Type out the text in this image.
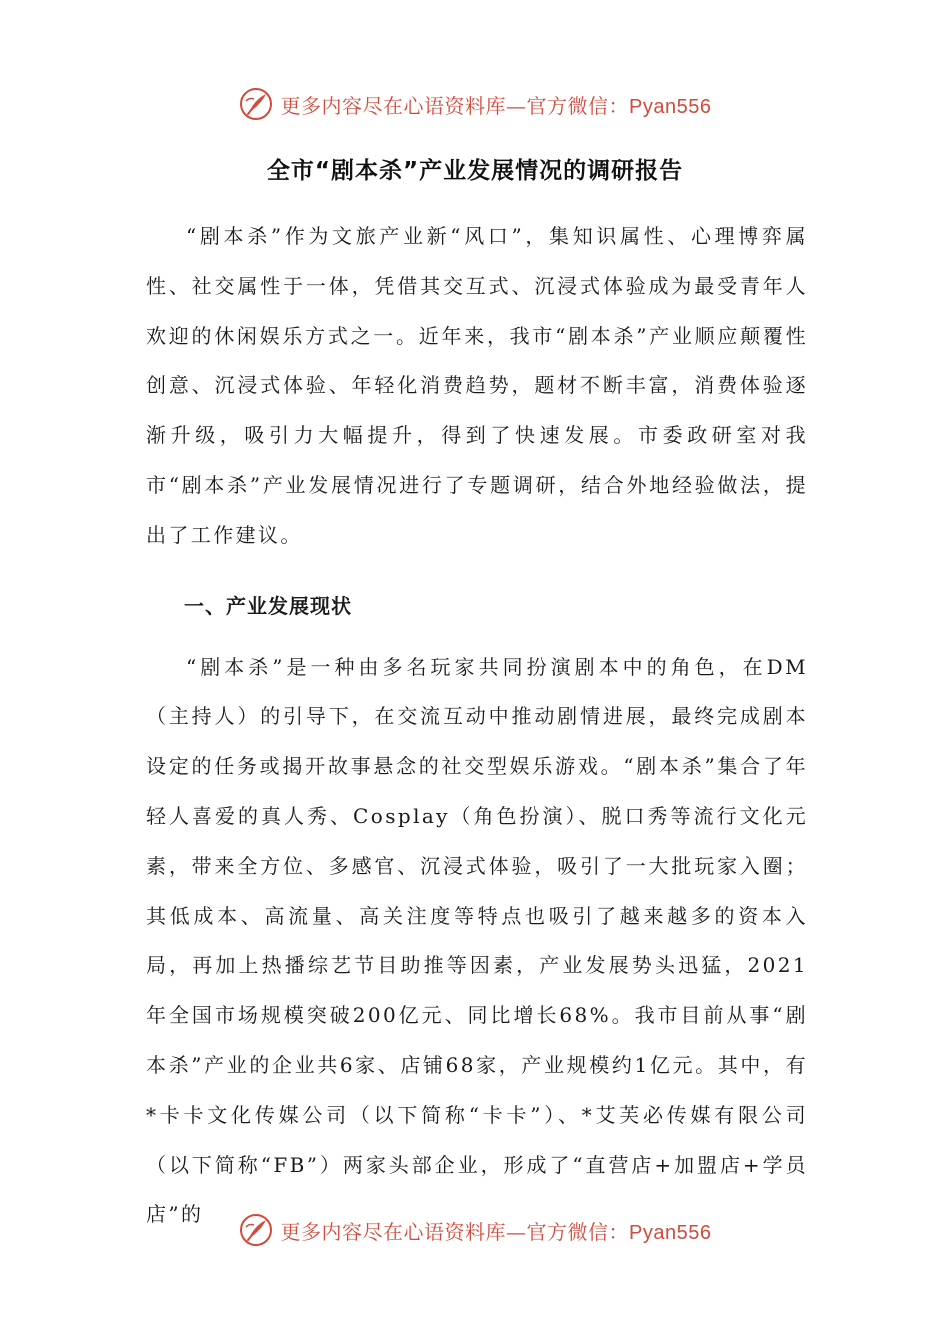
更多内容尽在心语资料库—官方微信：Pyan556
全市“剧本杀”产业发展情况的调研报告

“剧本杀”作为文旅产业新“风口”，集知识属性、心理博弈属性、社交属性于一体，凭借其交互式、沉浸式体验成为最受青年人欢迎的休闲娱乐方式之一。近年来，我市“剧本杀”产业顺应颠覆性创意、沉浸式体验、年轻化消费趋势，题材不断丰富，消费体验逐渐升级，吸引力大幅提升，得到了快速发展。市委政研室对我市“剧本杀”产业发展情况进行了专题调研，结合外地经验做法，提出了工作建议。

一、产业发展现状

“剧本杀”是一种由多名玩家共同扮演剧本中的角色，在DM（主持人）的引导下，在交流互动中推动剧情进展，最终完成剧本设定的任务或揭开故事悬念的社交型娱乐游戏。“剧本杀”集合了年轻人喜爱的真人秀、Cosplay（角色扮演）、脱口秀等流行文化元素，带来全方位、多感官、沉浸式体验，吸引了一大批玩家入圈；其低成本、高流量、高关注度等特点也吸引了越来越多的资本入局，再加上热播综艺节目助推等因素，产业发展势头迅猛，2021年全国市场规模突破200亿元、同比增长68%。我市目前从事“剧本杀”产业的企业共6家、店铺68家，产业规模约1亿元。其中，有*卡卡文化传媒公司（以下简称“卡卡”）、*艾芙必传媒有限公司（以下简称“FB”）两家头部企业，形成了“直营店+加盟店+学员店”的

更多内容尽在心语资料库—官方微信：Pyan556
